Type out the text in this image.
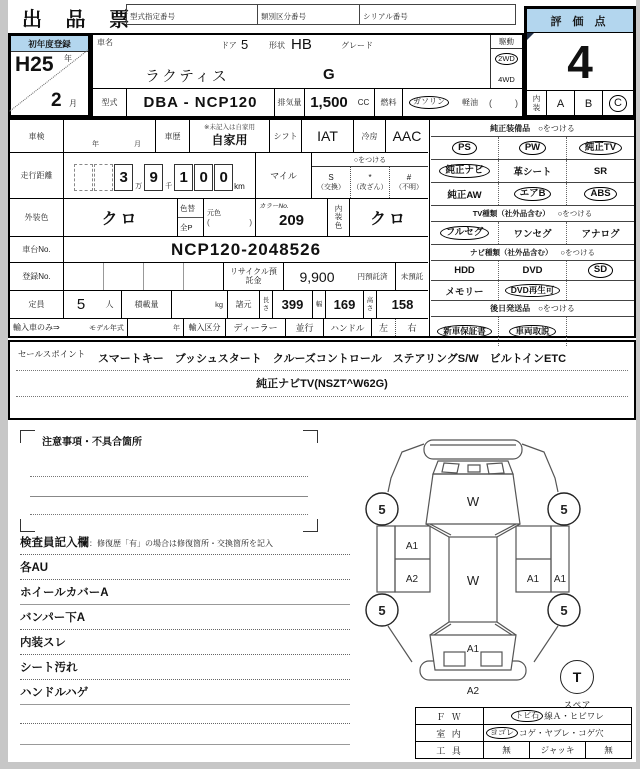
出 品 票
型式指定番号	類別区分番号	シリアル番号
初年度登録
H25 年
2 月
車名	ドア 5	形状 HB	グレード
ラクティス	G
駆動
2WD
4WD
型式	DBA - NCP120	排気量 1,500	CC	燃料	ガソリン	軽油	(	)
評 価 点
4
内装	A	B	C
車検
年	月
車歴
※未記入は自家用
自家用	シフト	IAT	冷房	AAC
走行距離	3
万
9
千
1 0 0
km
マイル
○をつける
S
（交換）
*
（改ざん）
#
（不明）
外装色	クロ
色替
全P
元色
(	)
カラーNo.
209
内装色	クロ
車台No.	NCP120-2048526
登録No.
リサイクル預託金	9,900	円預託済	未預託
定員	5	人	積載量	kg	諸元	長さ 399	幅 169	高さ	158
輸入車のみ⇒	モデル年式	年	輸入区分	ディーラー	並行	ハンドル	左	右
純正装備品 ○をつける
PS	PW	純正TV
純正ナビ	革シート	SR
純正AW	エアB	ABS
TV種類（社外品含む） ○をつける
フルセグ	ワンセグ	アナログ
ナビ種類（社外品含む） ○をつける
HDD	DVD	SD
メモリー	DVD再生可
後日発送品 ○をつける
新車保証書	車両取説
セールスポイント スマートキー　ブッシュスタート　クルーズコントロール　ステアリングS/W　ビルトインETC
純正ナビTV(NSZT^W62G)
注意事項・不具合箇所
検査員記入欄 ：修復歴「有」の場合は修復箇所・交換箇所を記入
各AU
ホイールカバーA
バンパー下A
内装スレ
シート汚れ
ハンドルハゲ
W
W
A1
A2	A1 A1
A1
A2
5	5
5	5
T
スペア
Ｆ Ｗ	トビ石 線Ａ・ヒビワレ
室 内	ヨゴレ コゲ・ヤブレ・コゲ穴
工 具	無	ジャッキ	無
